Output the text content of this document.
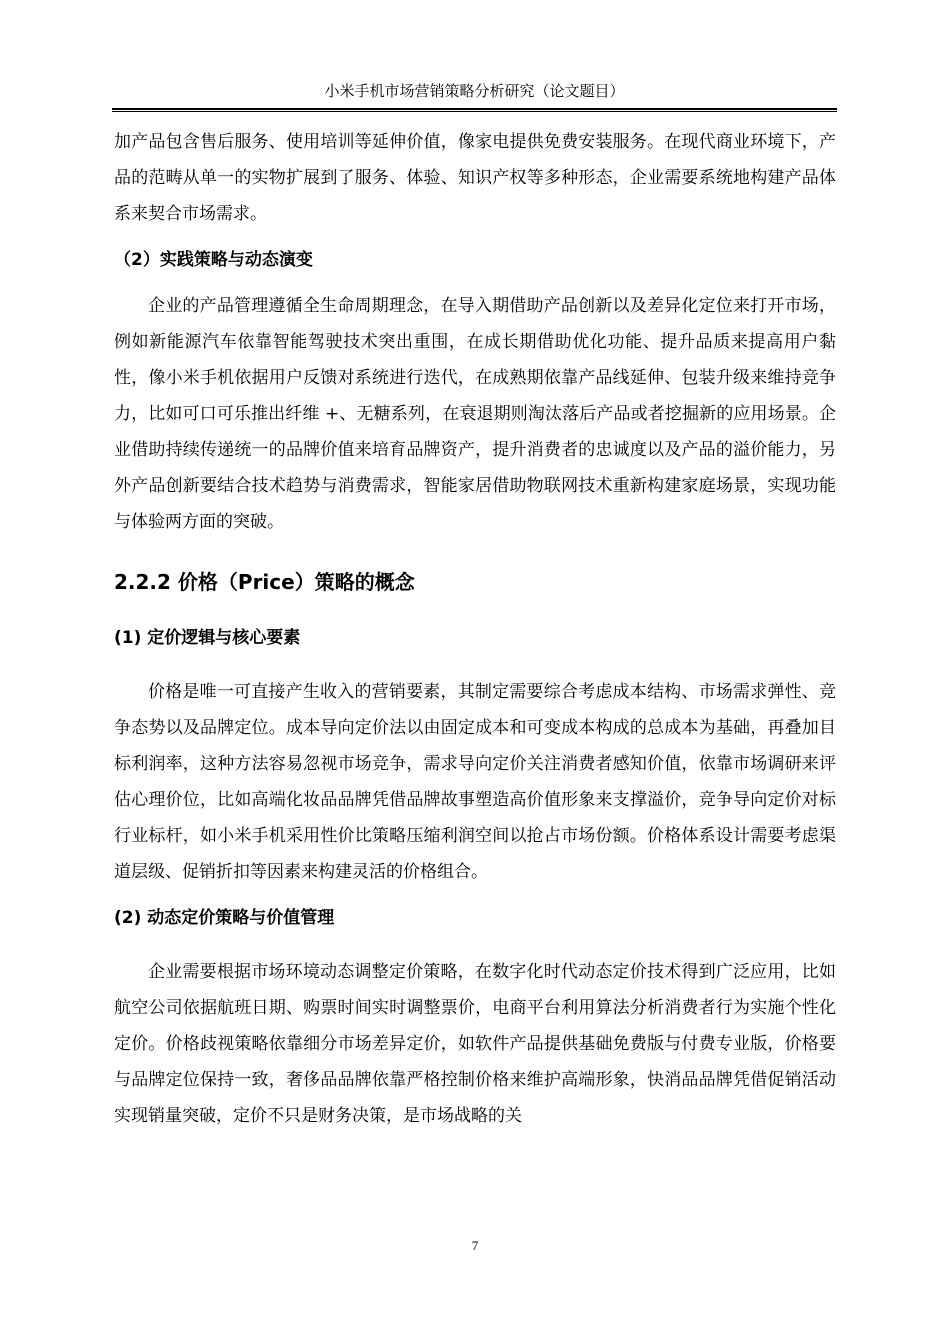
小米手机市场营销策略分析研究（论文题目）

加产品包含售后服务、使用培训等延伸价值，像家电提供免费安装服务。在现代商业环境下，产品的范畴从单一的实物扩展到了服务、体验、知识产权等多种形态，企业需要系统地构建产品体系来契合市场需求。

（2）实践策略与动态演变

企业的产品管理遵循全生命周期理念，在导入期借助产品创新以及差异化定位来打开市场，例如新能源汽车依靠智能驾驶技术突出重围，在成长期借助优化功能、提升品质来提高用户黏性，像小米手机依据用户反馈对系统进行迭代，在成熟期依靠产品线延伸、包装升级来维持竞争力，比如可口可乐推出纤维 +、无糖系列，在衰退期则淘汰落后产品或者挖掘新的应用场景。企业借助持续传递统一的品牌价值来培育品牌资产，提升消费者的忠诚度以及产品的溢价能力，另外产品创新要结合技术趋势与消费需求，智能家居借助物联网技术重新构建家庭场景，实现功能与体验两方面的突破。

2.2.2 价格（Price）策略的概念

(1) 定价逻辑与核心要素

价格是唯一可直接产生收入的营销要素，其制定需要综合考虑成本结构、市场需求弹性、竞争态势以及品牌定位。成本导向定价法以由固定成本和可变成本构成的总成本为基础，再叠加目标利润率，这种方法容易忽视市场竞争，需求导向定价关注消费者感知价值，依靠市场调研来评估心理价位，比如高端化妆品品牌凭借品牌故事塑造高价值形象来支撑溢价，竞争导向定价对标行业标杆，如小米手机采用性价比策略压缩利润空间以抢占市场份额。价格体系设计需要考虑渠道层级、促销折扣等因素来构建灵活的价格组合。

(2) 动态定价策略与价值管理

企业需要根据市场环境动态调整定价策略，在数字化时代动态定价技术得到广泛应用，比如航空公司依据航班日期、购票时间实时调整票价，电商平台利用算法分析消费者行为实施个性化定价。价格歧视策略依靠细分市场差异定价，如软件产品提供基础免费版与付费专业版，价格要与品牌定位保持一致，奢侈品品牌依靠严格控制价格来维护高端形象，快消品品牌凭借促销活动实现销量突破，定价不只是财务决策，是市场战略的关

7
